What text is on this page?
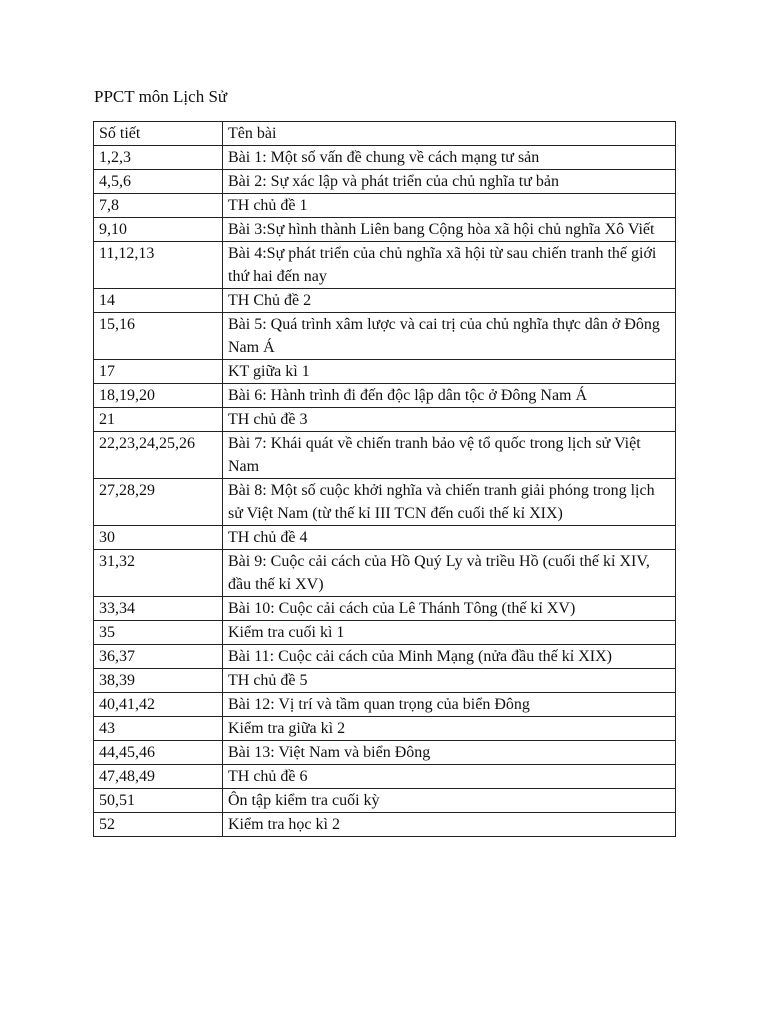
PPCT môn Lịch Sử
Số tiết	Tên bài
1,2,3	Bài 1: Một số vấn đề chung về cách mạng tư sản
4,5,6	Bài 2: Sự xác lập và phát triển của chủ nghĩa tư bản
7,8	TH chủ đề 1
9,10	Bài 3:Sự hình thành Liên bang Cộng hòa xã hội chủ nghĩa Xô Viết
11,12,13	Bài 4:Sự phát triển của chủ nghĩa xã hội từ sau chiến tranh thế giới thứ hai đến nay
14	TH Chủ đề 2
15,16	Bài 5: Quá trình xâm lược và cai trị của chủ nghĩa thực dân ở Đông Nam Á
17	KT giữa kì 1
18,19,20	Bài 6: Hành trình đi đến độc lập dân tộc ở Đông Nam Á
21	TH chủ đề 3
22,23,24,25,26	Bài 7: Khái quát về chiến tranh bảo vệ tổ quốc trong lịch sử Việt Nam
27,28,29	Bài 8: Một số cuộc khởi nghĩa và chiến tranh giải phóng trong lịch sử Việt Nam (từ thế kỉ III TCN đến cuối thế kỉ XIX)
30	TH chủ đề 4
31,32	Bài 9: Cuộc cải cách của Hồ Quý Ly và triều Hồ (cuối thế kỉ XIV, đầu thế kỉ XV)
33,34	Bài 10: Cuộc cải cách của Lê Thánh Tông (thế kỉ XV)
35	Kiểm tra cuối kì 1
36,37	Bài 11: Cuộc cải cách của Minh Mạng (nửa đầu thế kỉ XIX)
38,39	TH chủ đề 5
40,41,42	Bài 12: Vị trí và tầm quan trọng của biển Đông
43	Kiểm tra giữa kì 2
44,45,46	Bài 13: Việt Nam và biển Đông
47,48,49	TH chủ đề 6
50,51	Ôn tập kiểm tra cuối kỳ
52	Kiểm tra học kì 2
